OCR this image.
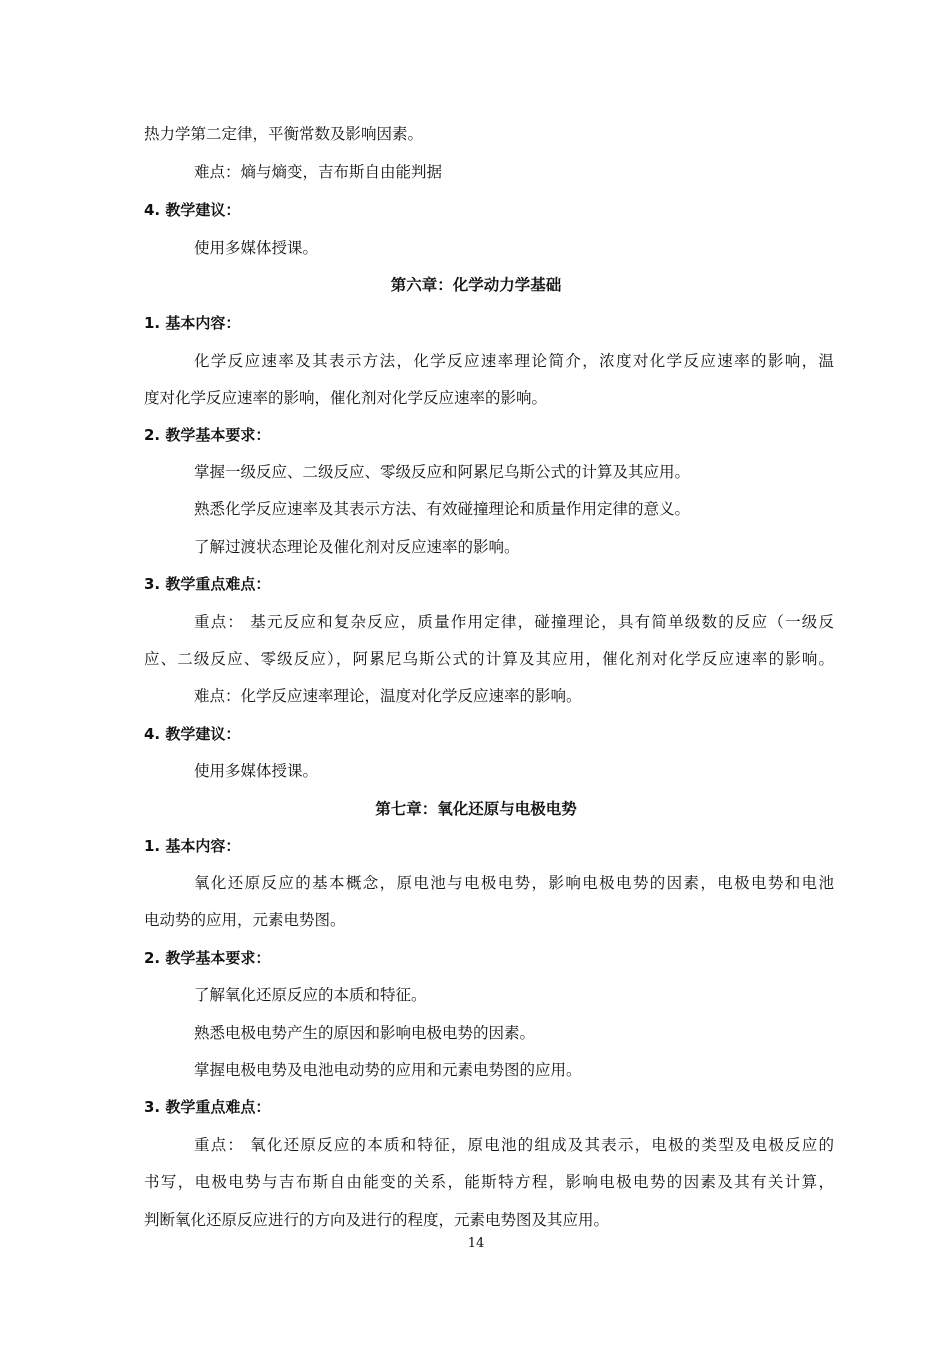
热力学第二定律，平衡常数及影响因素。
难点：熵与熵变，吉布斯自由能判据
4. 教学建议：
使用多媒体授课。
第六章：化学动力学基础
1. 基本内容：
化学反应速率及其表示方法，化学反应速率理论简介，浓度对化学反应速率的影响，温
度对化学反应速率的影响，催化剂对化学反应速率的影响。
2. 教学基本要求：
掌握一级反应、二级反应、零级反应和阿累尼乌斯公式的计算及其应用。
熟悉化学反应速率及其表示方法、有效碰撞理论和质量作用定律的意义。
了解过渡状态理论及催化剂对反应速率的影响。
3. 教学重点难点：
重点： 基元反应和复杂反应，质量作用定律，碰撞理论，具有简单级数的反应（一级反
应、二级反应、零级反应），阿累尼乌斯公式的计算及其应用，催化剂对化学反应速率的影响。
难点：化学反应速率理论，温度对化学反应速率的影响。
4. 教学建议：
使用多媒体授课。
第七章：氧化还原与电极电势
1. 基本内容：
氧化还原反应的基本概念，原电池与电极电势，影响电极电势的因素，电极电势和电池
电动势的应用，元素电势图。
2. 教学基本要求：
了解氧化还原反应的本质和特征。
熟悉电极电势产生的原因和影响电极电势的因素。
掌握电极电势及电池电动势的应用和元素电势图的应用。
3. 教学重点难点：
重点： 氧化还原反应的本质和特征，原电池的组成及其表示，电极的类型及电极反应的
书写，电极电势与吉布斯自由能变的关系，能斯特方程，影响电极电势的因素及其有关计算，
判断氧化还原反应进行的方向及进行的程度，元素电势图及其应用。
14
